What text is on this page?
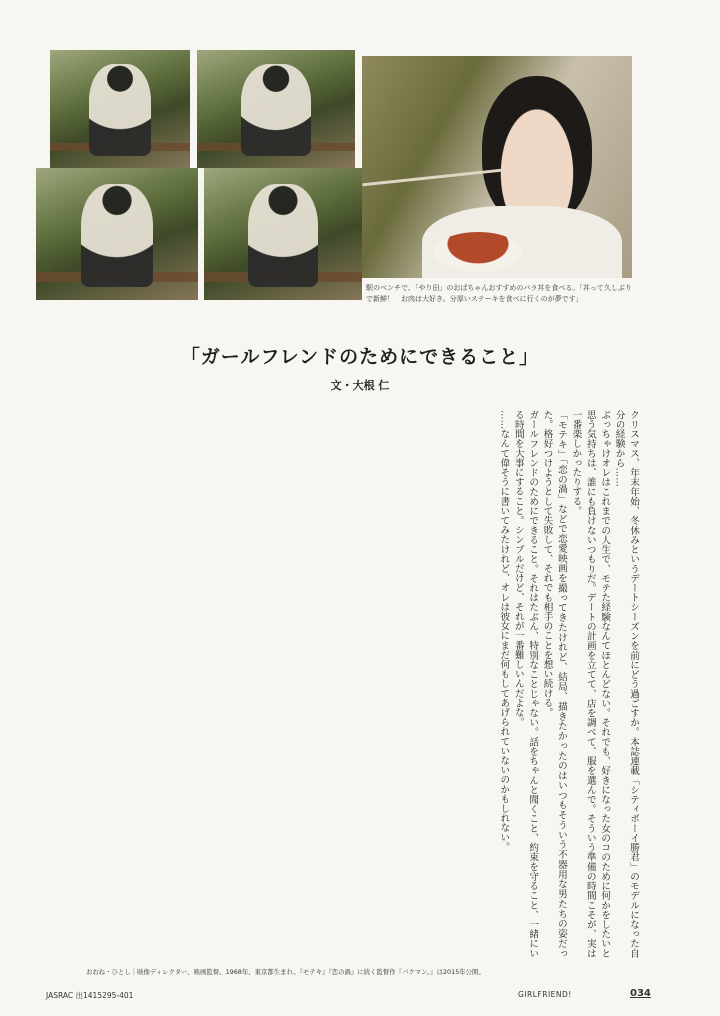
駅のベンチで、「やり田」のおばちゃんおすすめのバラ丼を食べる。「丼って久しぶりで新鮮！　お肉は大好き。分厚いステーキを食べに行くのが夢です」

「ガールフレンドのためにできること」

文・大根 仁

クリスマス、年末年始、冬休みというデートシーズンを前にどう過ごすか。本誌連載「シティボーイ勝君」のモデルになった自分の経験から……

ぶっちゃけオレはこれまでの人生で、モテた経験なんてほとんどない。それでも、好きになった女のコのために何かをしたいと思う気持ちは、誰にも負けないつもりだ。デートの計画を立てて、店を調べて、服を選んで。そういう準備の時間こそが、実は一番楽しかったりする。

「モテキ」「恋の渦」などで恋愛映画を撮ってきたけれど、結局、描きたかったのはいつもそういう不器用な男たちの姿だった。格好つけようとして失敗して、それでも相手のことを想い続ける。

ガールフレンドのためにできること。それはたぶん、特別なことじゃない。話をちゃんと聞くこと、約束を守ること、一緒にいる時間を大事にすること。シンプルだけど、それが一番難しいんだよな。

……なんて偉そうに書いてみたけれど、オレは彼女にまだ何もしてあげられていないのかもしれない。

おおね・ひとし｜映像ディレクター、映画監督。1968年、東京都生まれ。『モテキ』『恋の渦』に続く監督作『バクマン。』は2015年公開。

JASRAC 出1415295-401	GIRLFRIEND!	034
